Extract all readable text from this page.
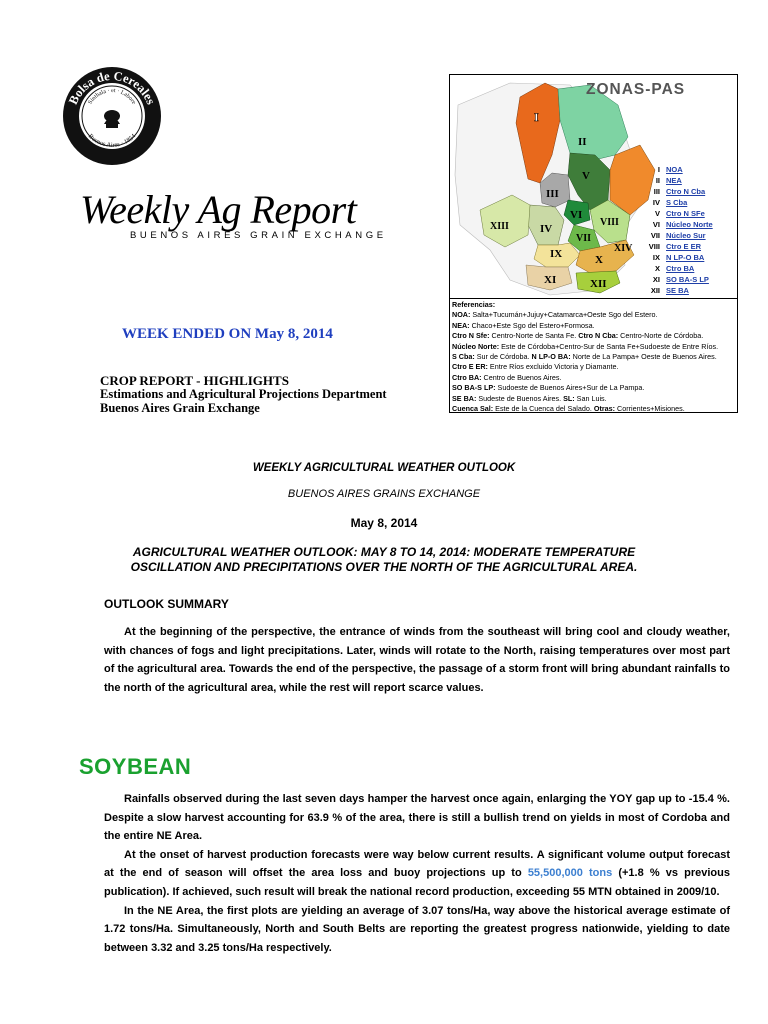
Bolsa de Cereales
Sinthala · et · Labore
Buenos Aires · 1854
Weekly Ag Report
BUENOS AIRES GRAIN EXCHANGE
WEEK ENDED ON May 8, 2014
CROP REPORT - HIGHLIGHTS
Estimations and Agricultural Projections Department
Buenos Aires Grain Exchange
I
II
V
III
VI
VIII
IV
XIII
VII
IX	X
XIV
XI	XII
ZONAS-PAS
I NOA
II NEA
III Ctro N Cba
IV S Cba
V Ctro N SFe
VI Núcleo Norte
VII Núcleo Sur
VIII Ctro E ER
IX N LP-O BA
X Ctro BA
XI SO BA-S LP
XII SE BA
Referencias:
NOA: Salta+Tucumán+Jujuy+Catamarca+Oeste Sgo del Estero.
NEA: Chaco+Este Sgo del Estero+Formosa.
Ctro N Sfe: Centro-Norte de Santa Fe. Ctro N Cba: Centro-Norte de Córdoba.
Núcleo Norte: Este de Córdoba+Centro-Sur de Santa Fe+Sudoeste de Entre Ríos.
S Cba: Sur de Córdoba. N LP-O BA: Norte de La Pampa+ Oeste de Buenos Aires.
Ctro E ER: Entre Ríos excluido Victoria y Diamante.
Ctro BA: Centro de Buenos Aires.
SO BA-S LP: Sudoeste de Buenos Aires+Sur de La Pampa.
SE BA: Sudeste de Buenos Aires. SL: San Luis.
Cuenca Sal: Este de la Cuenca del Salado. Otras: Corrientes+Misiones.
WEEKLY AGRICULTURAL WEATHER OUTLOOK
BUENOS AIRES GRAINS EXCHANGE
May 8, 2014
AGRICULTURAL WEATHER OUTLOOK: MAY 8 TO 14, 2014: MODERATE TEMPERATURE
OSCILLATION AND PRECIPITATIONS OVER THE NORTH OF THE AGRICULTURAL AREA.
OUTLOOK SUMMARY

At the beginning of the perspective, the entrance of winds from the southeast will bring cool and cloudy weather, with chances of fogs and light precipitations. Later, winds will rotate to the North, raising temperatures over most part of the agricultural area. Towards the end of the perspective, the passage of a storm front will bring abundant rainfalls to the north of the agricultural area, while the rest will report scarce values.

SOYBEAN

Rainfalls observed during the last seven days hamper the harvest once again, enlarging the YOY gap up to -15.4 %. Despite a slow harvest accounting for 63.9 % of the area, there is still a bullish trend on yields in most of Cordoba and the entire NE Area.

At the onset of harvest production forecasts were way below current results. A significant volume output forecast at the end of season will offset the area loss and buoy projections up to 55,500,000 tons (+1.8 % vs previous publication). If achieved, such result will break the national record production, exceeding 55 MTN obtained in 2009/10.

In the NE Area, the first plots are yielding an average of 3.07 tons/Ha, way above the historical average estimate of 1.72 tons/Ha. Simultaneously, North and South Belts are reporting the greatest progress nationwide, yielding to date between 3.32 and 3.25 tons/Ha respectively.
